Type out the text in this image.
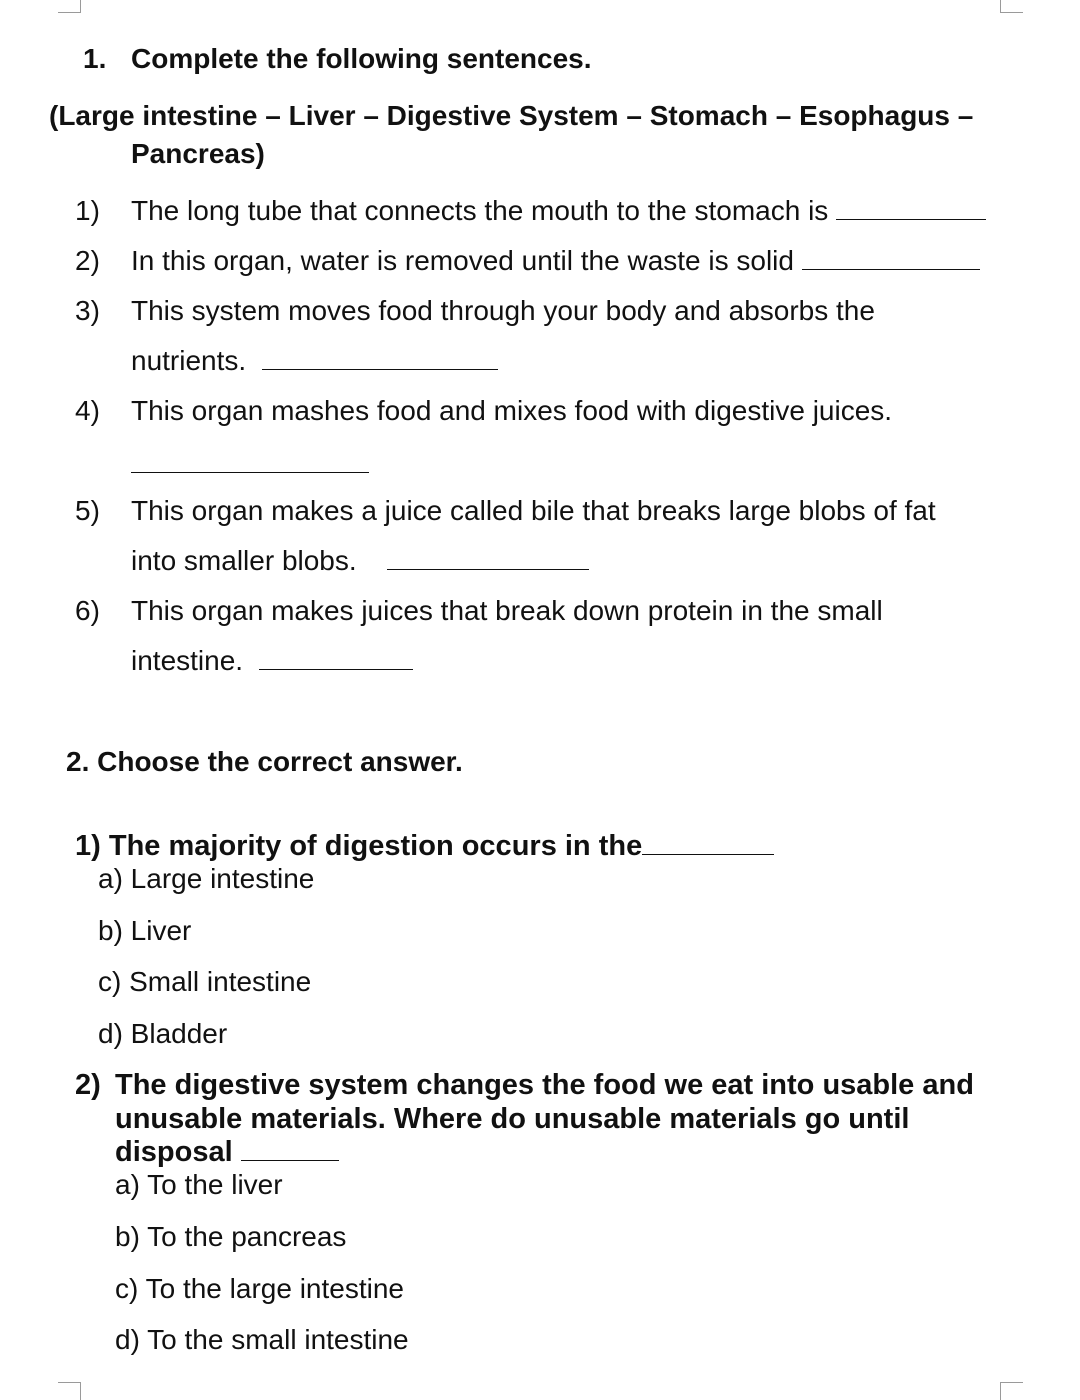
1. Complete the following sentences.
(Large intestine – Liver – Digestive System – Stomach – Esophagus –
Pancreas)
1) The long tube that connects the mouth to the stomach is
2) In this organ, water is removed until the waste is solid
3) This system moves food through your body and absorbs the
nutrients.
4) This organ mashes food and mixes food with digestive juices.
5) This organ makes a juice called bile that breaks large blobs of fat
into smaller blobs.
6) This organ makes juices that break down protein in the small
intestine.
2. Choose the correct answer.
1) The majority of digestion occurs in the
a) Large intestine
b) Liver
c) Small intestine
d) Bladder
2) The digestive system changes the food we eat into usable and
unusable materials. Where do unusable materials go until
disposal
a) To the liver
b) To the pancreas
c) To the large intestine
d) To the small intestine
